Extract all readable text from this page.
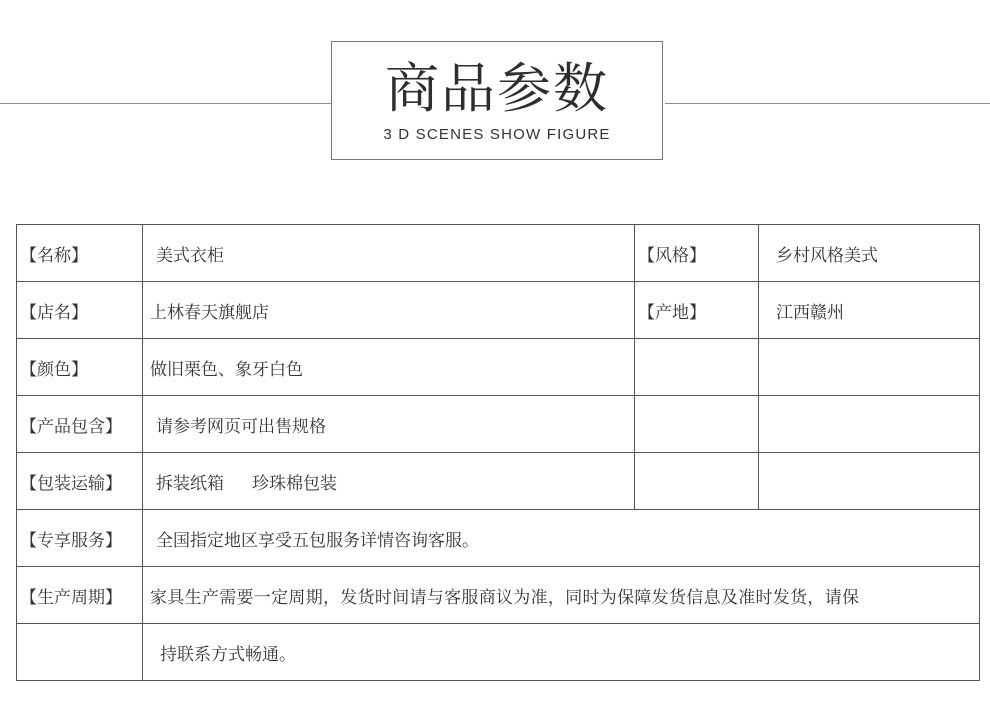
商品参数
3 D SCENES SHOW FIGURE
【名称】	美式衣柜	【风格】	乡村风格美式
【店名】	上林春天旗舰店	【产地】	江西赣州
【颜色】	做旧栗色、象牙白色		
【产品包含】	请参考网页可出售规格		
【包装运输】	拆装纸箱 珍珠棉包装		
【专享服务】	全国指定地区享受五包服务详情咨询客服。		
【生产周期】	家具生产需要一定周期，发货时间请与客服商议为准，同时为保障发货信息及准时发货，请保		
	持联系方式畅通。		
